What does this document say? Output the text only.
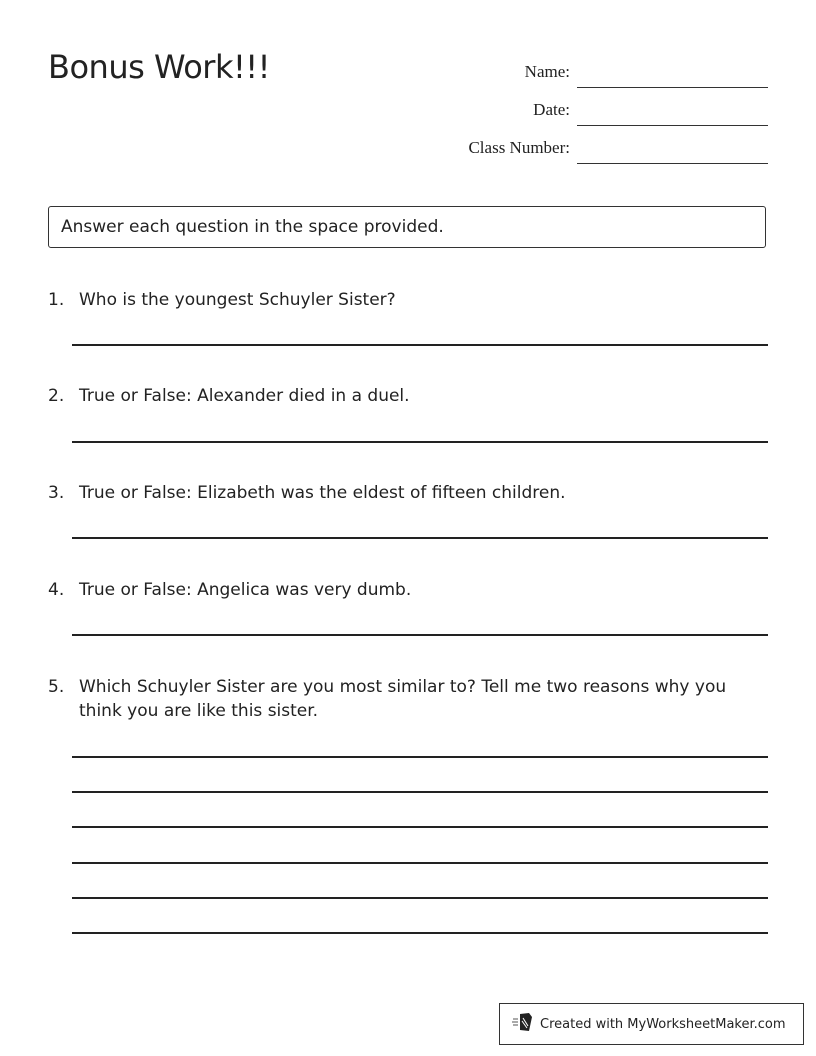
Bonus Work!!!	Name:
Date:
Class Number:
Answer each question in the space provided.
1. Who is the youngest Schuyler Sister?
2. True or False: Alexander died in a duel.
3. True or False: Elizabeth was the eldest of fifteen children.
4. True or False: Angelica was very dumb.
5. Which Schuyler Sister are you most similar to? Tell me two reasons why you think you are like this sister.
Created with MyWorksheetMaker.com
